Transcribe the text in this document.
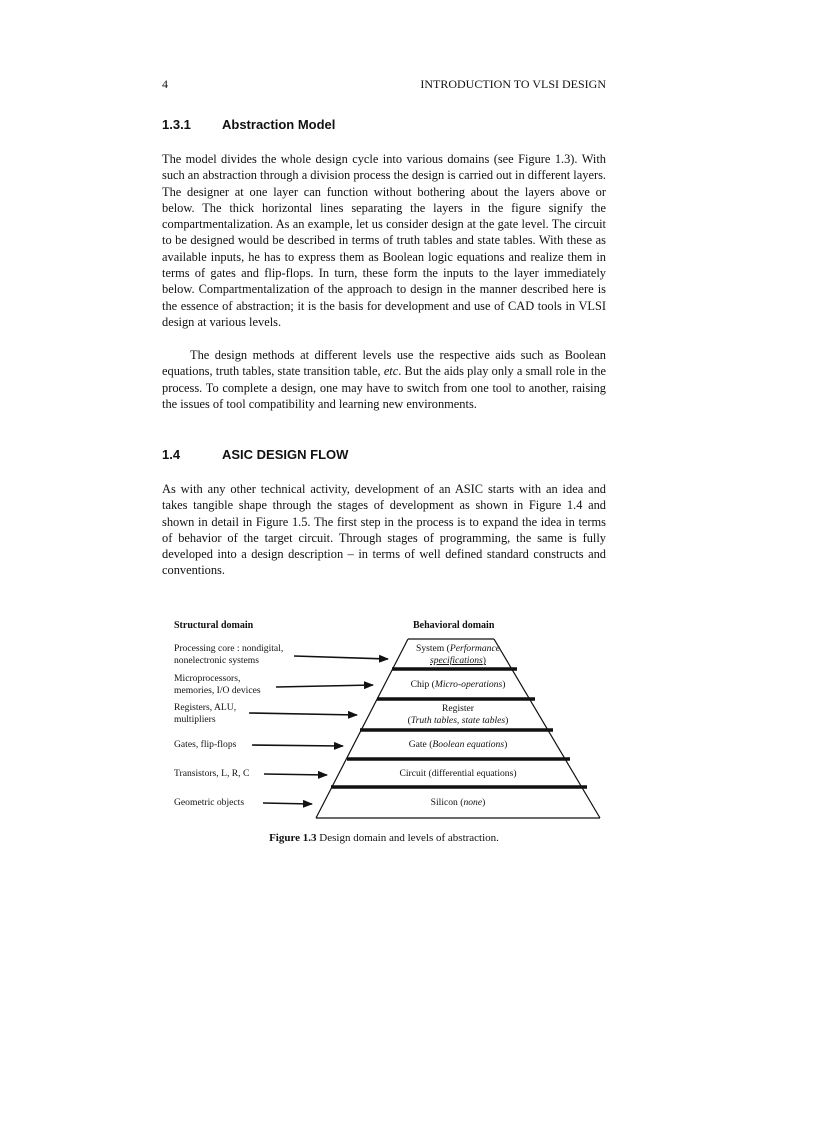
4	INTRODUCTION TO VLSI DESIGN
1.3.1 Abstraction Model

The model divides the whole design cycle into various domains (see Figure 1.3). With such an abstraction through a division process the design is carried out in different layers. The designer at one layer can function without bothering about the layers above or below. The thick horizontal lines separating the layers in the figure signify the compartmentalization. As an example, let us consider design at the gate level. The circuit to be designed would be described in terms of truth tables and state tables. With these as available inputs, he has to express them as Boolean logic equations and realize them in terms of gates and flip-flops. In turn, these form the inputs to the layer immediately below. Compartmentalization of the approach to design in the manner described here is the essence of abstraction; it is the basis for development and use of CAD tools in VLSI design at various levels.

The design methods at different levels use the respective aids such as Boolean equations, truth tables, state transition table, etc. But the aids play only a small role in the process. To complete a design, one may have to switch from one tool to another, raising the issues of tool compatibility and learning new environments.

1.4	ASIC DESIGN FLOW

As with any other technical activity, development of an ASIC starts with an idea and takes tangible shape through the stages of development as shown in Figure 1.4 and shown in detail in Figure 1.5. The first step in the process is to expand the idea in terms of behavior of the target circuit. Through stages of programming, the same is fully developed into a design description – in terms of well defined standard constructs and conventions.

Structural domain	Behavioral domain
Processing core : nondigital,
nonelectronic systems
Microprocessors,
memories, I/O devices
Registers, ALU,
multipliers
Gates, flip-flops
Transistors, L, R, C
Geometric objects
System (Performance
specifications)
Chip (Micro-operations)
Register
(Truth tables, state tables)
Gate (Boolean equations)
Circuit (differential equations)
Silicon (none)
Figure 1.3 Design domain and levels of abstraction.
